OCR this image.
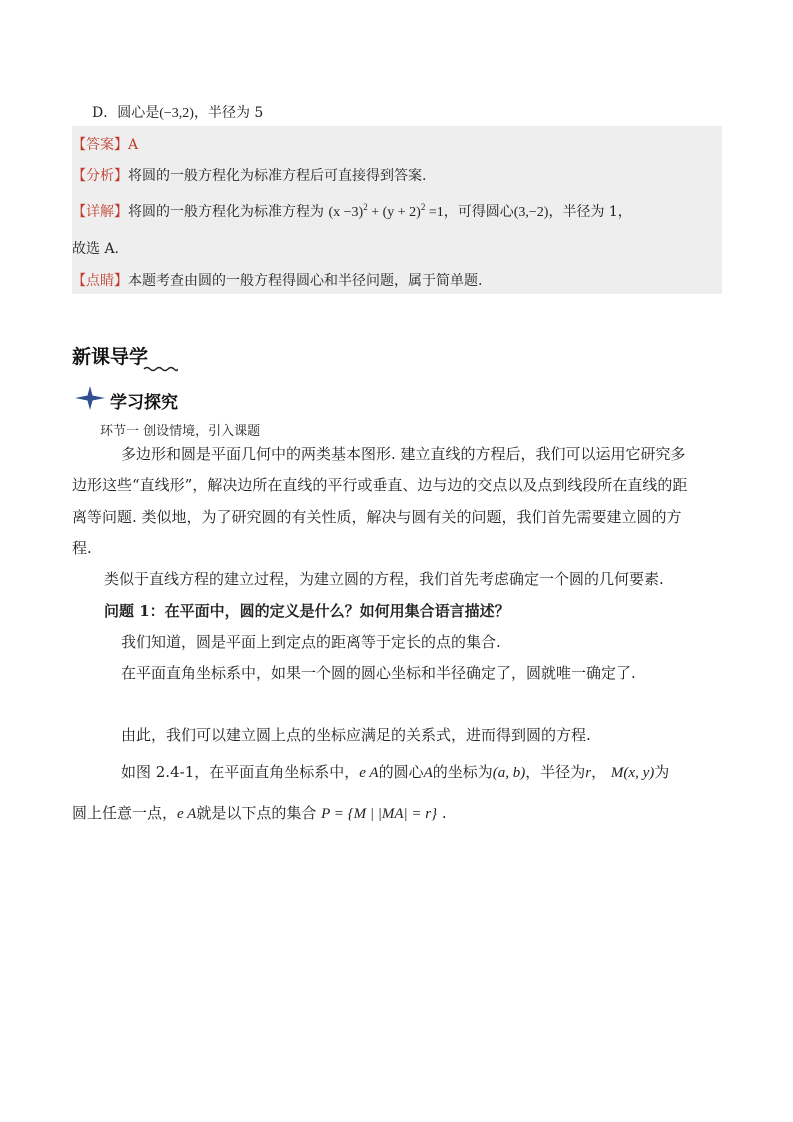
D．圆心是(−3,2)，半径为 5
【答案】A
【分析】将圆的一般方程化为标准方程后可直接得到答案.
【详解】将圆的一般方程化为标准方程为 $(x -3)^2 + (y + 2)^2 =1$，可得圆心(3,−2)，半径为 1，
故选 A.
【点睛】本题考查由圆的一般方程得圆心和半径问题，属于简单题.
新课导学
学习探究
环节一 创设情境，引入课题
多边形和圆是平面几何中的两类基本图形. 建立直线的方程后，我们可以运用它研究多
边形这些“直线形”，解决边所在直线的平行或垂直、边与边的交点以及点到线段所在直线的距
离等问题. 类似地，为了研究圆的有关性质，解决与圆有关的问题，我们首先需要建立圆的方
程.
类似于直线方程的建立过程，为建立圆的方程，我们首先考虑确定一个圆的几何要素.
问题 1：在平面中，圆的定义是什么？如何用集合语言描述？
我们知道，圆是平面上到定点的距离等于定长的点的集合.
在平面直角坐标系中，如果一个圆的圆心坐标和半径确定了，圆就唯一确定了.
由此，我们可以建立圆上点的坐标应满足的关系式，进而得到圆的方程.
如图 2.4-1，在平面直角坐标系中，e A的圆心A的坐标为(a, b)，半径为r， M(x, y)为
圆上任意一点，e A就是以下点的集合 P = {M | |MA| = r} .
